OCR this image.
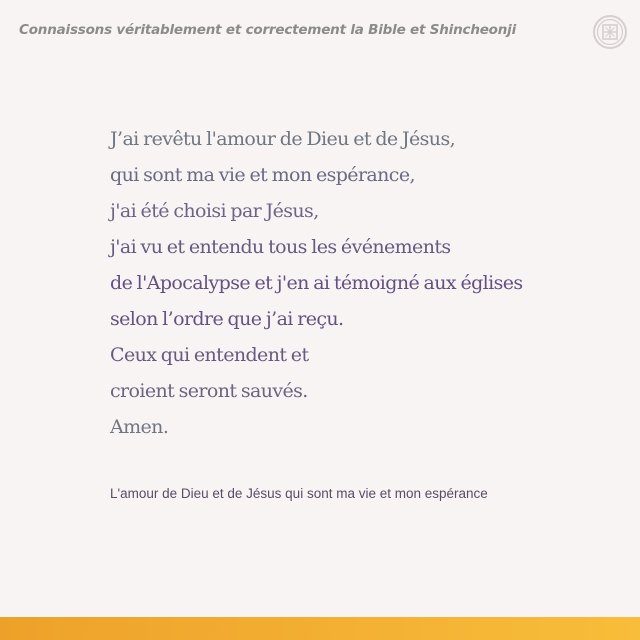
Connaissons véritablement et correctement la Bible et Shincheonji
J’ai revêtu l'amour de Dieu et de Jésus,
qui sont ma vie et mon espérance,
j'ai été choisi par Jésus,
j'ai vu et entendu tous les événements
de l'Apocalypse et j'en ai témoigné aux églises
selon l’ordre que j’ai reçu.
Ceux qui entendent et
croient seront sauvés.
Amen.
L'amour de Dieu et de Jésus qui sont ma vie et mon espérance
